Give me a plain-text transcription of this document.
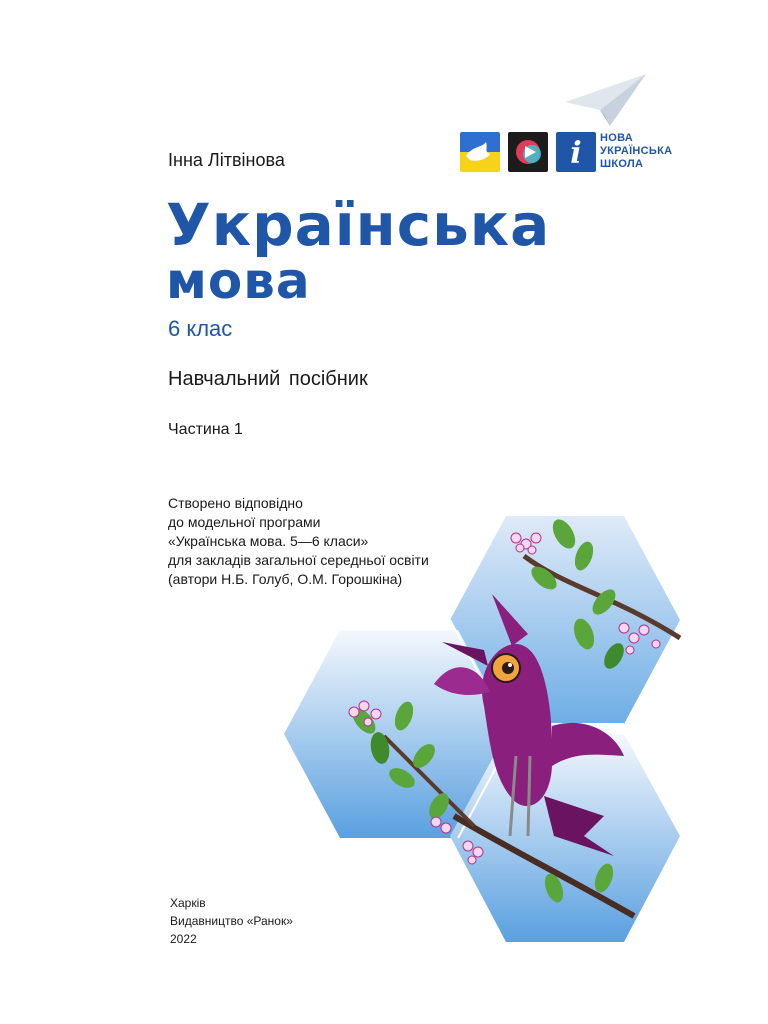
i НОВА
УКРАЇНСЬКА
ШКОЛА
Інна Літвінова
Українська
мова
6 клас
Навчальний посібник
Частина 1
Створено відповідно
до модельної програми
«Українська мова. 5—6 класи»
для закладів загальної середньої освіти
(автори Н.Б. Голуб, О.М. Горошкіна)
Харків
Видавництво «Ранок»
2022
